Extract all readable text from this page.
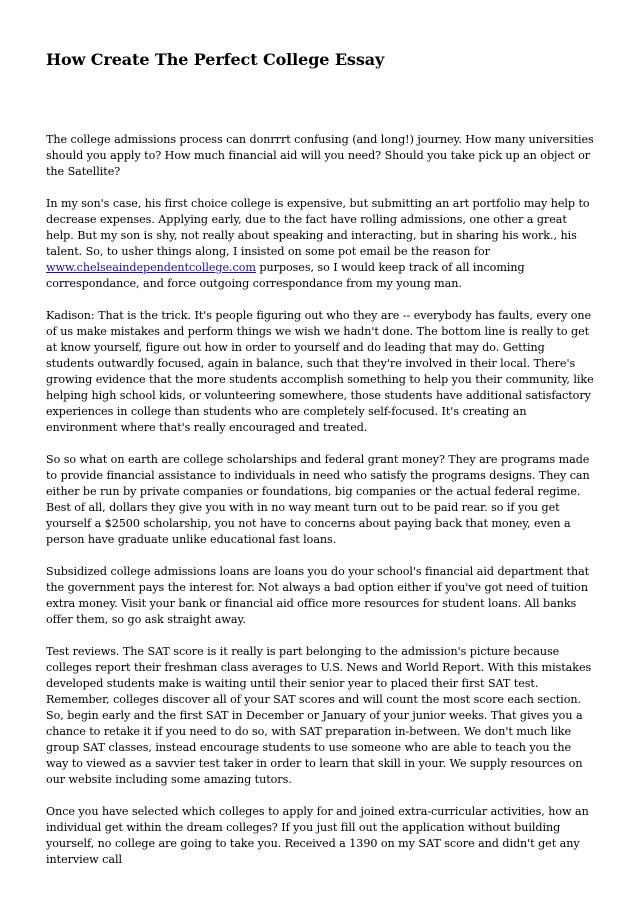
How Create The Perfect College Essay

The college admissions process can donrrrt confusing (and long!) journey. How many universities should you apply to? How much financial aid will you need? Should you take pick up an object or the Satellite?

In my son's case, his first choice college is expensive, but submitting an art portfolio may help to decrease expenses. Applying early, due to the fact have rolling admissions, one other a great help. But my son is shy, not really about speaking and interacting, but in sharing his work., his talent. So, to usher things along, I insisted on some pot email be the reason for www.chelseaindependentcollege.com purposes, so I would keep track of all incoming correspondance, and force outgoing correspondance from my young man.

Kadison: That is the trick. It's people figuring out who they are -- everybody has faults, every one of us make mistakes and perform things we wish we hadn't done. The bottom line is really to get at know yourself, figure out how in order to yourself and do leading that may do. Getting students outwardly focused, again in balance, such that they're involved in their local. There's growing evidence that the more students accomplish something to help you their community, like helping high school kids, or volunteering somewhere, those students have additional satisfactory experiences in college than students who are completely self-focused. It's creating an environment where that's really encouraged and treated.

So so what on earth are college scholarships and federal grant money? They are programs made to provide financial assistance to individuals in need who satisfy the programs designs. They can either be run by private companies or foundations, big companies or the actual federal regime. Best of all, dollars they give you with in no way meant turn out to be paid rear. so if you get yourself a $2500 scholarship, you not have to concerns about paying back that money, even a person have graduate unlike educational fast loans.

Subsidized college admissions loans are loans you do your school's financial aid department that the government pays the interest for. Not always a bad option either if you've got need of tuition extra money. Visit your bank or financial aid office more resources for student loans. All banks offer them, so go ask straight away.

Test reviews. The SAT score is it really is part belonging to the admission's picture because colleges report their freshman class averages to U.S. News and World Report. With this mistakes developed students make is waiting until their senior year to placed their first SAT test. Remember, colleges discover all of your SAT scores and will count the most score each section. So, begin early and the first SAT in December or January of your junior weeks. That gives you a chance to retake it if you need to do so, with SAT preparation in-between. We don't much like group SAT classes, instead encourage students to use someone who are able to teach you the way to viewed as a savvier test taker in order to learn that skill in your. We supply resources on our website including some amazing tutors.

Once you have selected which colleges to apply for and joined extra-curricular activities, how an individual get within the dream colleges? If you just fill out the application without building yourself, no college are going to take you. Received a 1390 on my SAT score and didn't get any interview call
